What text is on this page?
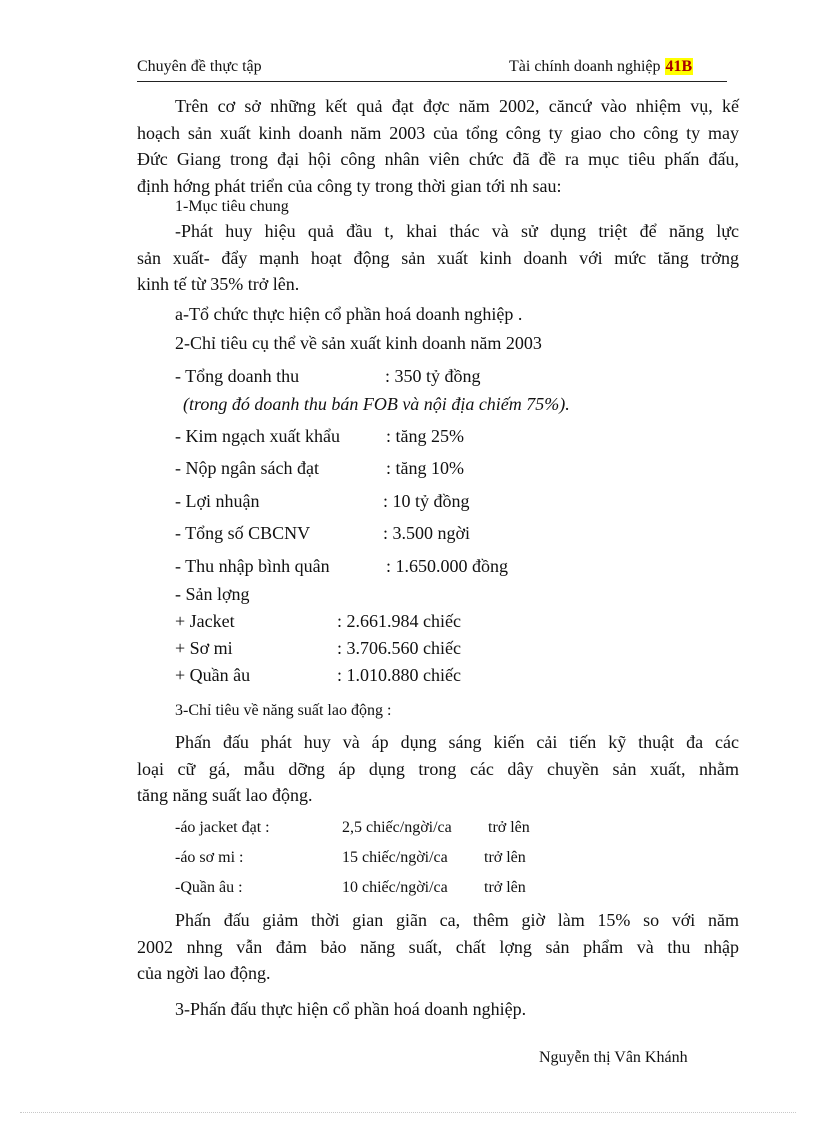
Chuyên đề thực tập	Tài chính doanh nghiệp 41B

Trên cơ sở những kết quả đạt đợc năm 2002, căncứ vào nhiệm vụ, kế
hoạch sản xuất kinh doanh năm 2003 của tổng công ty giao cho công ty may
Đức Giang trong đại hội công nhân viên chức đã đề ra mục tiêu phấn đấu,
định hớng phát triển của công ty trong thời gian tới nh sau:

1-Mục tiêu chung

-Phát huy hiệu quả đầu t, khai thác và sử dụng triệt để năng lực
sản xuất- đẩy mạnh hoạt động sản xuất kinh doanh với mức tăng trởng
kinh tế từ 35% trở lên.

a-Tổ chức thực hiện cổ phần hoá doanh nghiệp .
2-Chỉ tiêu cụ thể về sản xuất kinh doanh năm 2003
- Tổng doanh thu	: 350 tỷ đồng
(trong đó doanh thu bán FOB và nội địa chiếm 75%).
- Kim ngạch xuất khẩu	: tăng 25%
- Nộp ngân sách đạt	: tăng 10%
- Lợi nhuận	: 10 tỷ đồng
- Tổng số CBCNV	: 3.500 ngời
- Thu nhập bình quân	: 1.650.000 đồng
- Sản lợng
+ Jacket	: 2.661.984 chiếc
+ Sơ mi	: 3.706.560 chiếc
+ Quần âu	: 1.010.880 chiếc
3-Chỉ tiêu về năng suất lao động :

Phấn đấu phát huy và áp dụng sáng kiến cải tiến kỹ thuật đa các
loại cữ gá, mẫu dỡng áp dụng trong các dây chuyền sản xuất, nhằm
tăng năng suất lao động.

-áo jacket đạt :	2,5 chiếc/ngời/ca trở lên
-áo sơ mi :	15 chiếc/ngời/ca trở lên
-Quần âu :	10 chiếc/ngời/ca trở lên

Phấn đấu giảm thời gian giãn ca, thêm giờ làm 15% so với năm
2002 nhng vẫn đảm bảo năng suất, chất lợng sản phẩm và thu nhập
của ngời lao động.

3-Phấn đấu thực hiện cổ phần hoá doanh nghiệp.
Nguyễn thị Vân Khánh
